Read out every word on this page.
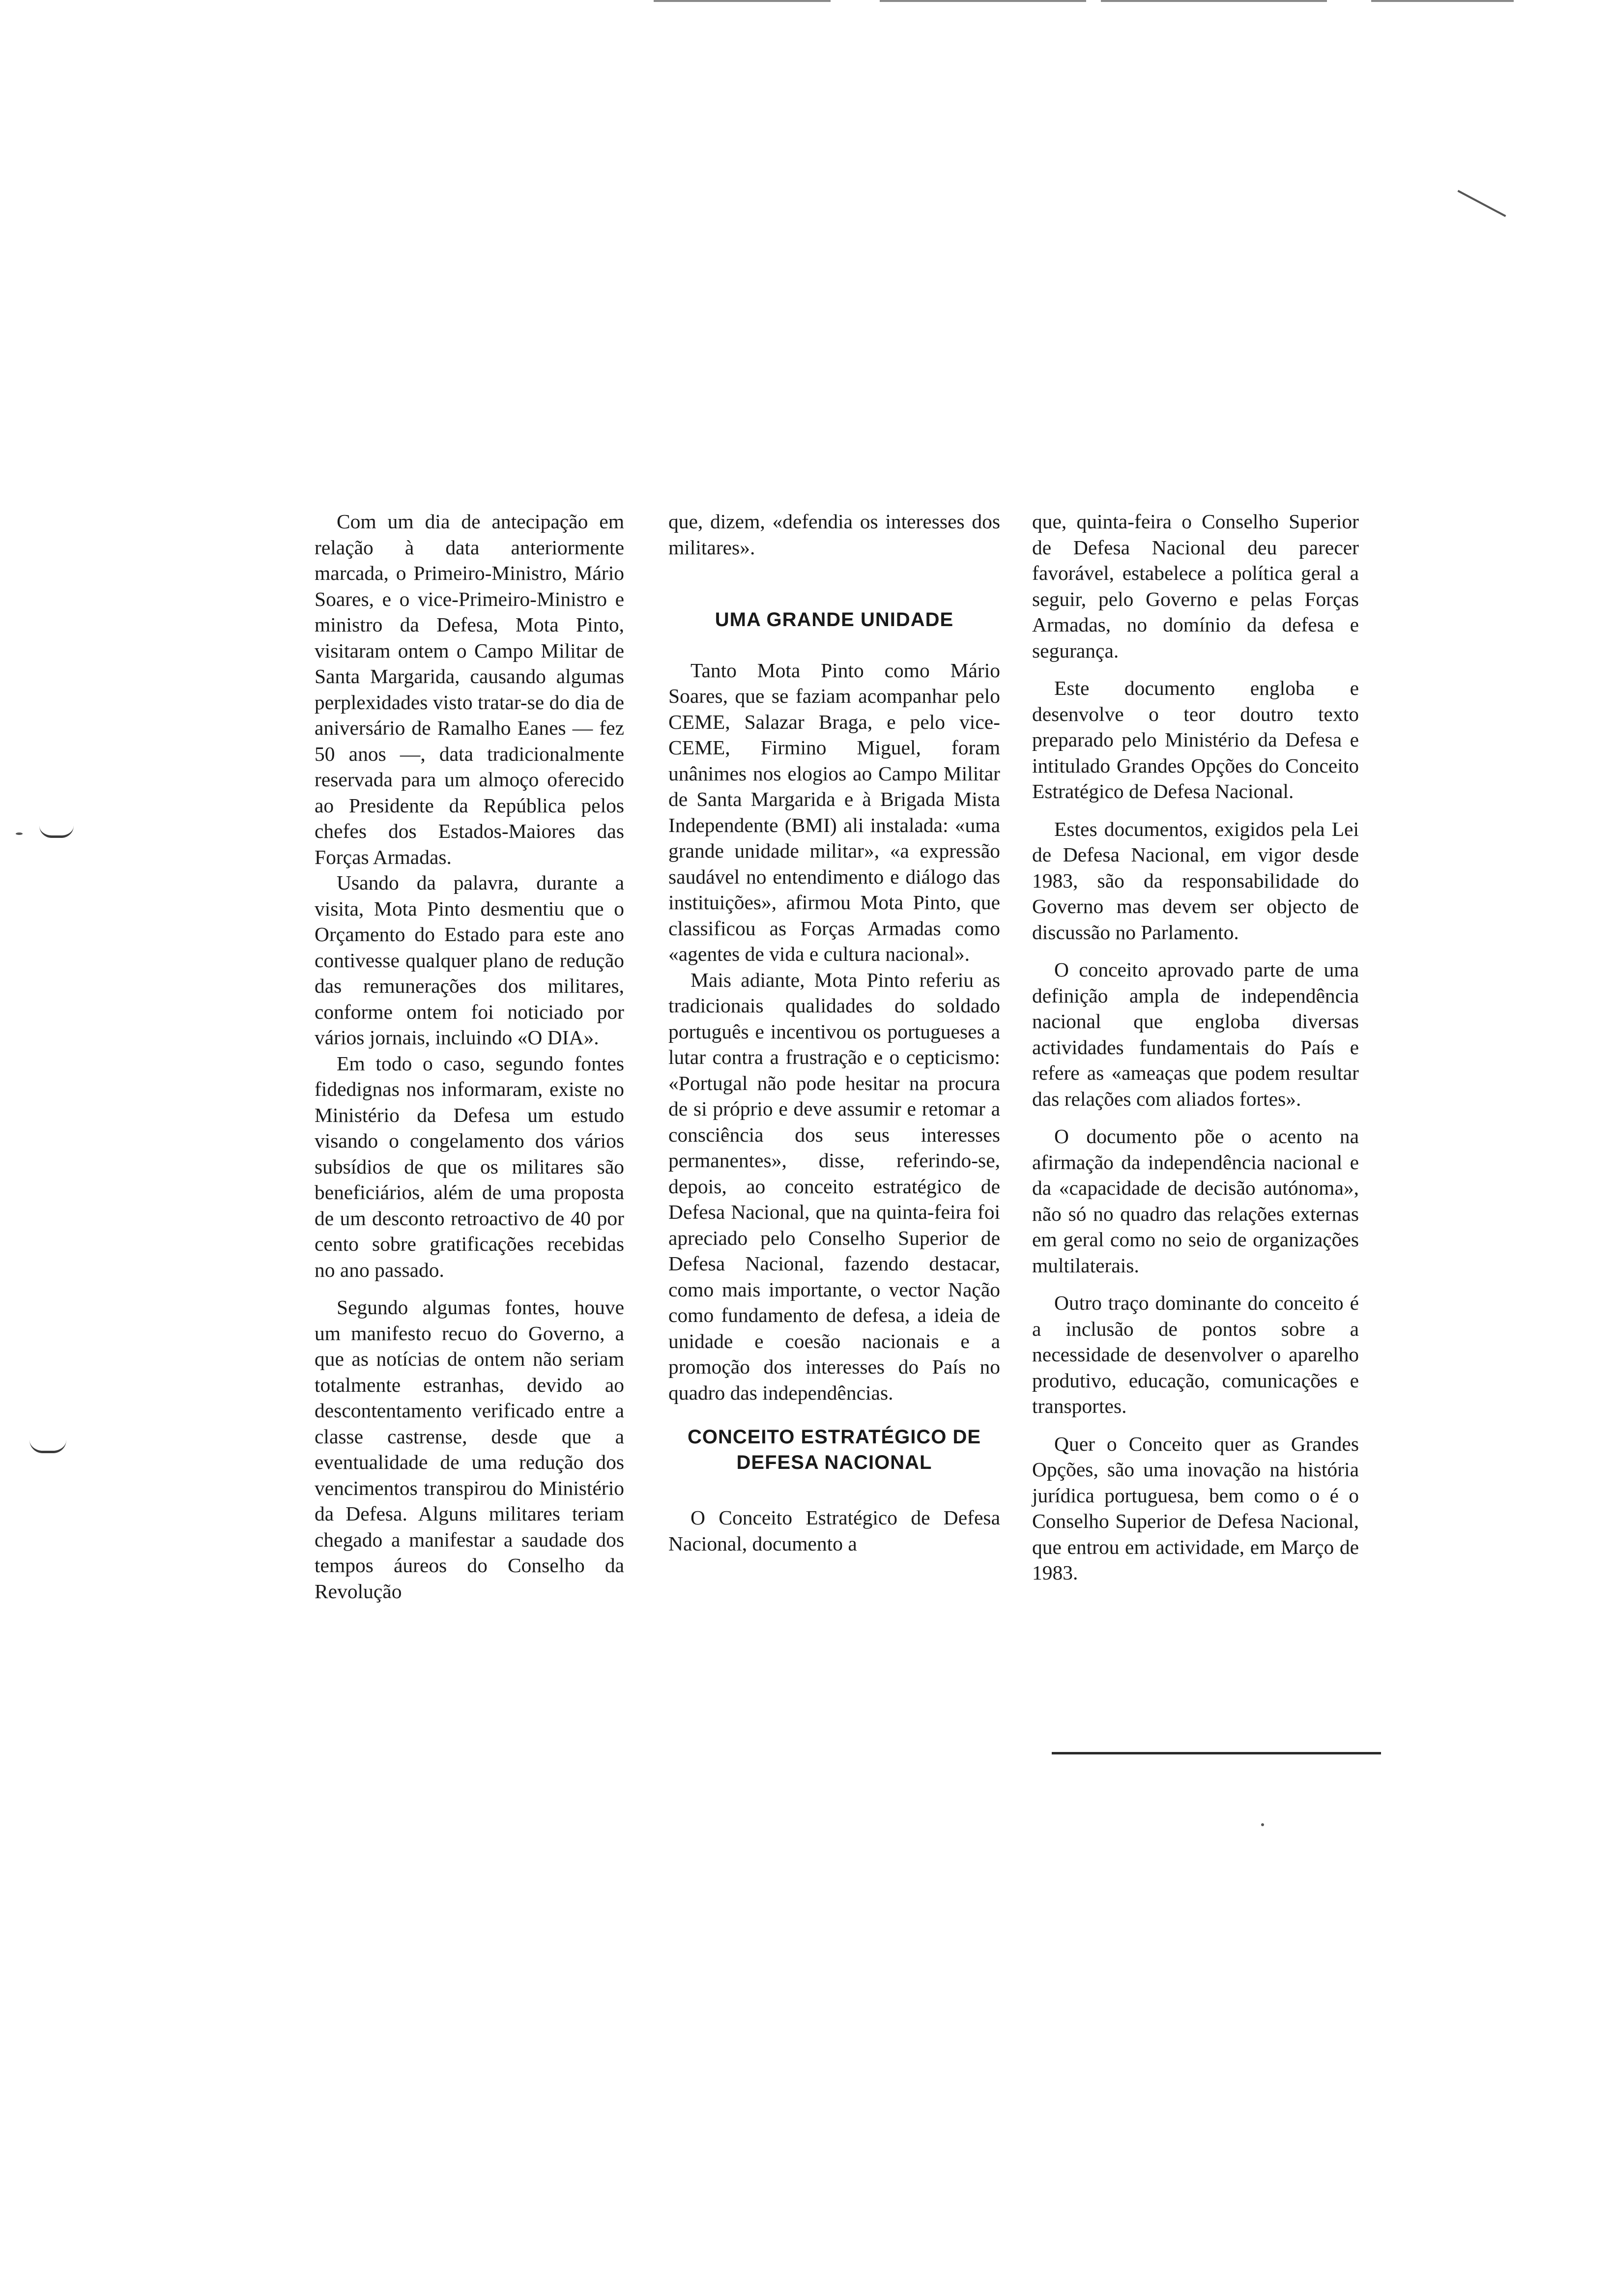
Com um dia de antecipação em relação à data anteriormente marcada, o Primeiro-Ministro, Mário Soares, e o vice-Primeiro-Ministro e ministro da Defesa, Mota Pinto, visitaram ontem o Campo Militar de Santa Margarida, causando algumas perplexidades visto tratar-se do dia de aniversário de Ramalho Eanes — fez 50 anos —, data tradicionalmente reservada para um almoço oferecido ao Presidente da República pelos chefes dos Estados-Maiores das Forças Armadas.

Usando da palavra, durante a visita, Mota Pinto desmentiu que o Orçamento do Estado para este ano contivesse qualquer plano de redução das remunerações dos militares, conforme ontem foi noticiado por vários jornais, incluindo «O DIA».

Em todo o caso, segundo fontes fidedignas nos informaram, existe no Ministério da Defesa um estudo visando o congelamento dos vários subsídios de que os militares são beneficiários, além de uma proposta de um desconto retroactivo de 40 por cento sobre gratificações recebidas no ano passado.

Segundo algumas fontes, houve um manifesto recuo do Governo, a que as notícias de ontem não seriam totalmente estranhas, devido ao descontentamento verificado entre a classe castrense, desde que a eventualidade de uma redução dos vencimentos transpirou do Ministério da Defesa. Alguns militares teriam chegado a manifestar a saudade dos tempos áureos do Conselho da Revolução

que, dizem, «defendia os interesses dos militares».

UMA GRANDE UNIDADE

Tanto Mota Pinto como Mário Soares, que se faziam acompanhar pelo CEME, Salazar Braga, e pelo vice-CEME, Firmino Miguel, foram unânimes nos elogios ao Campo Militar de Santa Margarida e à Brigada Mista Independente (BMI) ali instalada: «uma grande unidade militar», «a expressão saudável no entendimento e diálogo das instituições», afirmou Mota Pinto, que classificou as Forças Armadas como «agentes de vida e cultura nacional».

Mais adiante, Mota Pinto referiu as tradicionais qualidades do soldado português e incentivou os portugueses a lutar contra a frustração e o cepticismo: «Portugal não pode hesitar na procura de si próprio e deve assumir e retomar a consciência dos seus interesses permanentes», disse, referindo-se, depois, ao conceito estratégico de Defesa Nacional, que na quinta-feira foi apreciado pelo Conselho Superior de Defesa Nacional, fazendo destacar, como mais importante, o vector Nação como fundamento de defesa, a ideia de unidade e coesão nacionais e a promoção dos interesses do País no quadro das independências.

CONCEITO ESTRATÉGICO DE DEFESA NACIONAL

O Conceito Estratégico de Defesa Nacional, documento a

que, quinta-feira o Conselho Superior de Defesa Nacional deu parecer favorável, estabelece a política geral a seguir, pelo Governo e pelas Forças Armadas, no domínio da defesa e segurança.

Este documento engloba e desenvolve o teor doutro texto preparado pelo Ministério da Defesa e intitulado Grandes Opções do Conceito Estratégico de Defesa Nacional.

Estes documentos, exigidos pela Lei de Defesa Nacional, em vigor desde 1983, são da responsabilidade do Governo mas devem ser objecto de discussão no Parlamento.

O conceito aprovado parte de uma definição ampla de independência nacional que engloba diversas actividades fundamentais do País e refere as «ameaças que podem resultar das relações com aliados fortes».

O documento põe o acento na afirmação da independência nacional e da «capacidade de decisão autónoma», não só no quadro das relações externas em geral como no seio de organizações multilaterais.

Outro traço dominante do conceito é a inclusão de pontos sobre a necessidade de desenvolver o aparelho produtivo, educação, comunicações e transportes.

Quer o Conceito quer as Grandes Opções, são uma inovação na história jurídica portuguesa, bem como o é o Conselho Superior de Defesa Nacional, que entrou em actividade, em Março de 1983.
